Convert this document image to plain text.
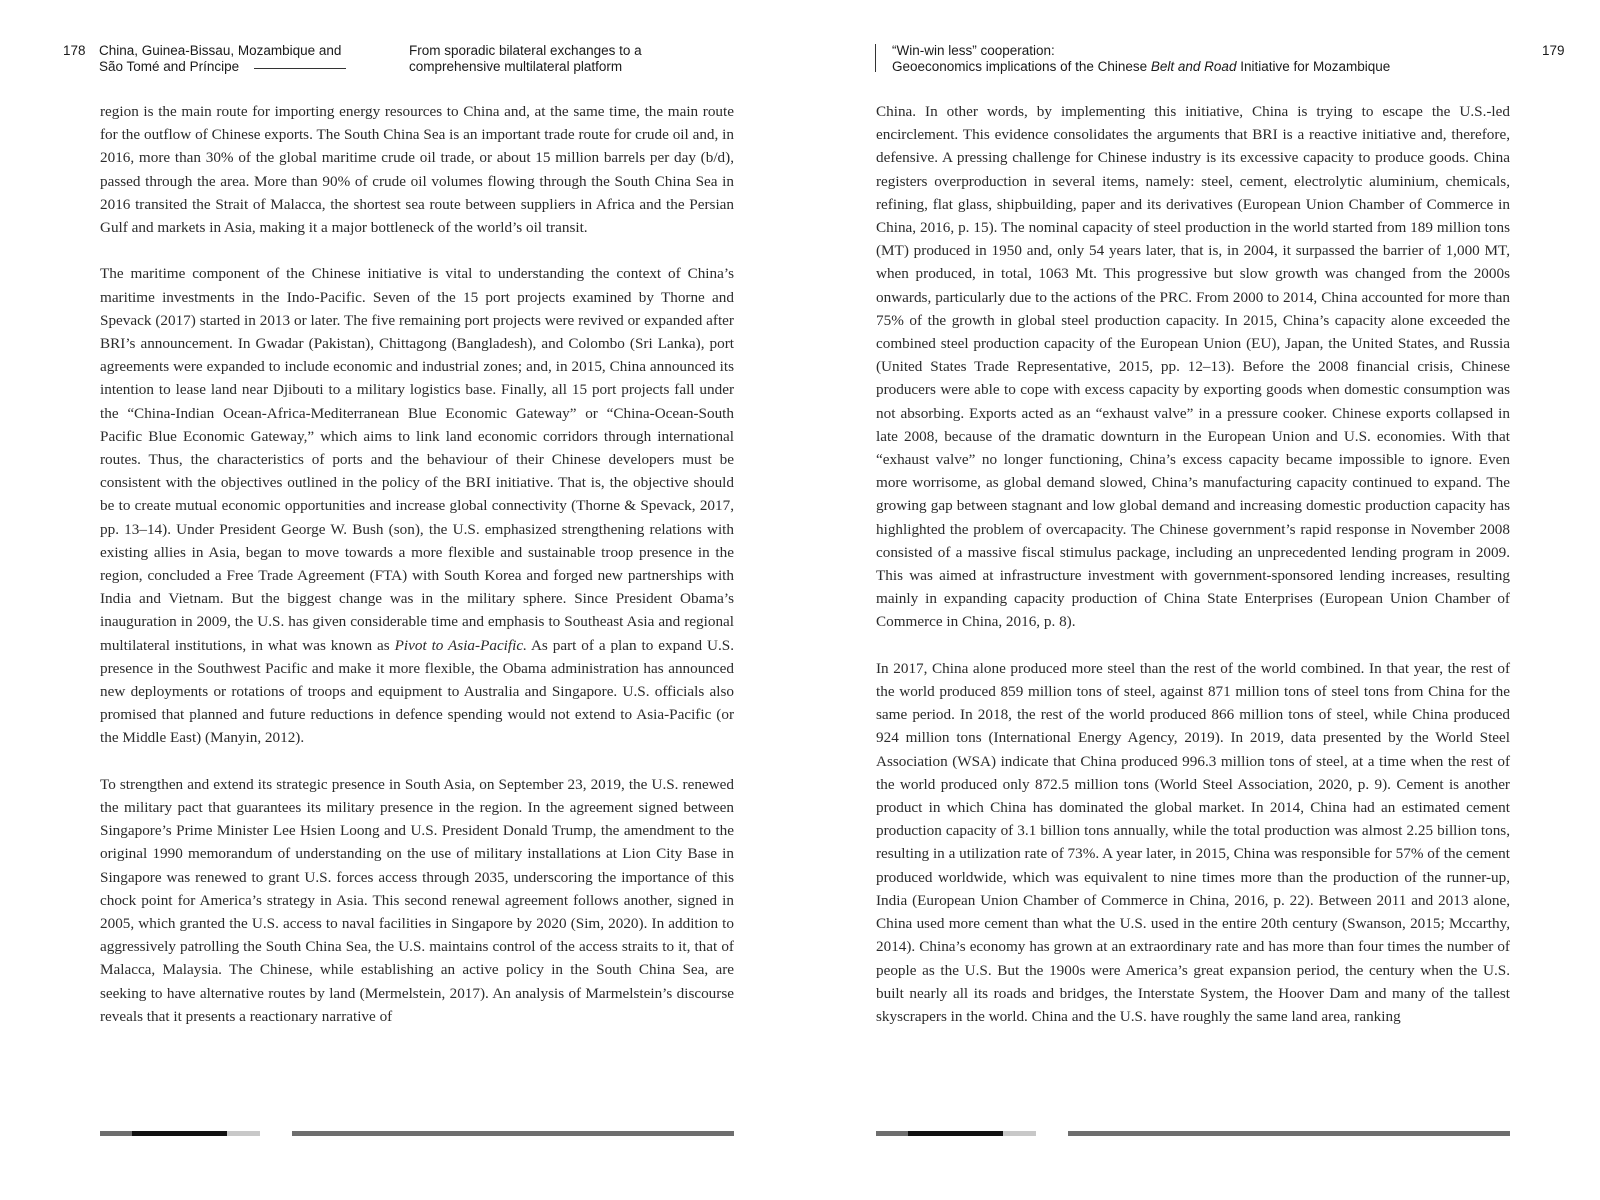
178 China, Guinea-Bissau, Mozambique and
São Tomé and Príncipe
From sporadic bilateral exchanges to a
comprehensive multilateral platform

region is the main route for importing energy resources to China and, at the same time, the main route for the outflow of Chinese exports. The South China Sea is an important trade route for crude oil and, in 2016, more than 30% of the global maritime crude oil trade, or about 15 million barrels per day (b/d), passed through the area. More than 90% of crude oil volumes flowing through the South China Sea in 2016 transited the Strait of Malacca, the shortest sea route between suppliers in Africa and the Persian Gulf and markets in Asia, making it a major bottleneck of the world’s oil transit.

The maritime component of the Chinese initiative is vital to understanding the context of China’s maritime investments in the Indo-Pacific. Seven of the 15 port projects examined by Thorne and Spevack (2017) started in 2013 or later. The five remaining port projects were revived or expanded after BRI’s announcement. In Gwadar (Pakistan), Chittagong (Bangladesh), and Colombo (Sri Lanka), port agreements were expanded to include economic and industrial zones; and, in 2015, China announced its intention to lease land near Djibouti to a military logistics base. Finally, all 15 port projects fall under the “China-Indian Ocean-Africa-Mediterranean Blue Economic Gateway” or “China-Ocean-South Pacific Blue Economic Gateway,” which aims to link land economic corridors through international routes. Thus, the characteristics of ports and the behaviour of their Chinese developers must be consistent with the objectives outlined in the policy of the BRI initiative. That is, the objective should be to create mutual economic opportunities and increase global connectivity (Thorne & Spevack, 2017, pp. 13–14). Under President George W. Bush (son), the U.S. emphasized strengthening relations with existing allies in Asia, began to move towards a more flexible and sustainable troop presence in the region, concluded a Free Trade Agreement (FTA) with South Korea and forged new partnerships with India and Vietnam. But the biggest change was in the military sphere. Since President Obama’s inauguration in 2009, the U.S. has given considerable time and emphasis to Southeast Asia and regional multilateral institutions, in what was known as Pivot to Asia-Pacific. As part of a plan to expand U.S. presence in the Southwest Pacific and make it more flexible, the Obama administration has announced new deployments or rotations of troops and equipment to Australia and Singapore. U.S. officials also promised that planned and future reductions in defence spending would not extend to Asia-Pacific (or the Middle East) (Manyin, 2012).

To strengthen and extend its strategic presence in South Asia, on September 23, 2019, the U.S. renewed the military pact that guarantees its military presence in the region. In the agreement signed between Singapore’s Prime Minister Lee Hsien Loong and U.S. President Donald Trump, the amendment to the original 1990 memorandum of understanding on the use of military installations at Lion City Base in Singapore was renewed to grant U.S. forces access through 2035, underscoring the importance of this chock point for America’s strategy in Asia. This second renewal agreement follows another, signed in 2005, which granted the U.S. access to naval facilities in Singapore by 2020 (Sim, 2020). In addition to aggressively patrolling the South China Sea, the U.S. maintains control of the access straits to it, that of Malacca, Malaysia. The Chinese, while establishing an active policy in the South China Sea, are seeking to have alternative routes by land (Mermelstein, 2017). An analysis of Marmelstein’s discourse reveals that it presents a reactionary narrative of

“Win-win less” cooperation:
Geoeconomics implications of the Chinese Belt and Road Initiative for Mozambique
179

China. In other words, by implementing this initiative, China is trying to escape the U.S.-led encirclement. This evidence consolidates the arguments that BRI is a reactive initiative and, therefore, defensive. A pressing challenge for Chinese industry is its excessive capacity to produce goods. China registers overproduction in several items, namely: steel, cement, electrolytic aluminium, chemicals, refining, flat glass, shipbuilding, paper and its derivatives (European Union Chamber of Commerce in China, 2016, p. 15). The nominal capacity of steel production in the world started from 189 million tons (MT) produced in 1950 and, only 54 years later, that is, in 2004, it surpassed the barrier of 1,000 MT, when produced, in total, 1063 Mt. This progressive but slow growth was changed from the 2000s onwards, particularly due to the actions of the PRC. From 2000 to 2014, China accounted for more than 75% of the growth in global steel production capacity. In 2015, China’s capacity alone exceeded the combined steel production capacity of the European Union (EU), Japan, the United States, and Russia (United States Trade Representative, 2015, pp. 12–13). Before the 2008 financial crisis, Chinese producers were able to cope with excess capacity by exporting goods when domestic consumption was not absorbing. Exports acted as an “exhaust valve” in a pressure cooker. Chinese exports collapsed in late 2008, because of the dramatic downturn in the European Union and U.S. economies. With that “exhaust valve” no longer functioning, China’s excess capacity became impossible to ignore. Even more worrisome, as global demand slowed, China’s manufacturing capacity continued to expand. The growing gap between stagnant and low global demand and increasing domestic production capacity has highlighted the problem of overcapacity. The Chinese government’s rapid response in November 2008 consisted of a massive fiscal stimulus package, including an unprecedented lending program in 2009. This was aimed at infrastructure investment with government-sponsored lending increases, resulting mainly in expanding capacity production of China State Enterprises (European Union Chamber of Commerce in China, 2016, p. 8).

In 2017, China alone produced more steel than the rest of the world combined. In that year, the rest of the world produced 859 million tons of steel, against 871 million tons of steel tons from China for the same period. In 2018, the rest of the world produced 866 million tons of steel, while China produced 924 million tons (International Energy Agency, 2019). In 2019, data presented by the World Steel Association (WSA) indicate that China produced 996.3 million tons of steel, at a time when the rest of the world produced only 872.5 million tons (World Steel Association, 2020, p. 9). Cement is another product in which China has dominated the global market. In 2014, China had an estimated cement production capacity of 3.1 billion tons annually, while the total production was almost 2.25 billion tons, resulting in a utilization rate of 73%. A year later, in 2015, China was responsible for 57% of the cement produced worldwide, which was equivalent to nine times more than the production of the runner-up, India (European Union Chamber of Commerce in China, 2016, p. 22). Between 2011 and 2013 alone, China used more cement than what the U.S. used in the entire 20th century (Swanson, 2015; Mccarthy, 2014). China’s economy has grown at an extraordinary rate and has more than four times the number of people as the U.S. But the 1900s were America’s great expansion period, the century when the U.S. built nearly all its roads and bridges, the Interstate System, the Hoover Dam and many of the tallest skyscrapers in the world. China and the U.S. have roughly the same land area, ranking
